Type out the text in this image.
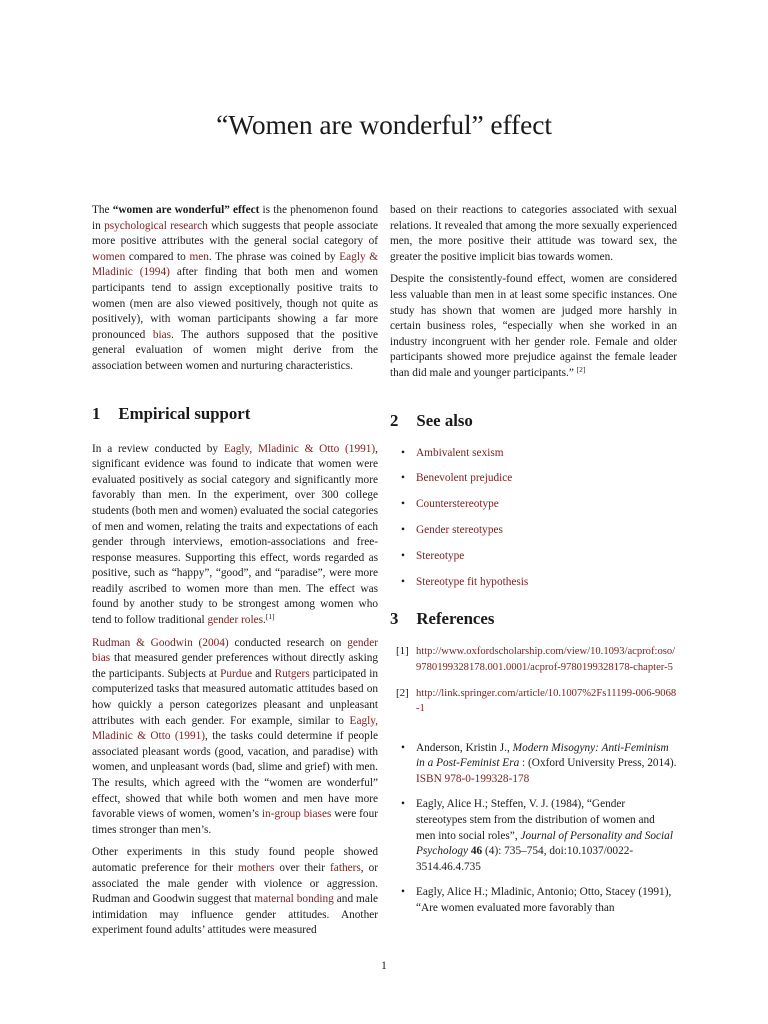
“Women are wonderful” effect

The “women are wonderful” effect is the phenomenon found in psychological research which suggests that people associate more positive attributes with the general social category of women compared to men. The phrase was coined by Eagly & Mladinic (1994) after finding that both men and women participants tend to assign exceptionally positive traits to women (men are also viewed positively, though not quite as positively), with woman participants showing a far more pronounced bias. The authors supposed that the positive general evaluation of women might derive from the association between women and nurturing characteristics.

1 Empirical support

In a review conducted by Eagly, Mladinic & Otto (1991), significant evidence was found to indicate that women were evaluated positively as social category and significantly more favorably than men. In the experiment, over 300 college students (both men and women) evaluated the social categories of men and women, relating the traits and expectations of each gender through interviews, emotion-associations and free-response measures. Supporting this effect, words regarded as positive, such as “happy”, “good”, and “paradise”, were more readily ascribed to women more than men. The effect was found by another study to be strongest among women who tend to follow traditional gender roles.[1]

Rudman & Goodwin (2004) conducted research on gender bias that measured gender preferences without directly asking the participants. Subjects at Purdue and Rutgers participated in computerized tasks that measured automatic attitudes based on how quickly a person categorizes pleasant and unpleasant attributes with each gender. For example, similar to Eagly, Mladinic & Otto (1991), the tasks could determine if people associated pleasant words (good, vacation, and paradise) with women, and unpleasant words (bad, slime and grief) with men. The results, which agreed with the “women are wonderful” effect, showed that while both women and men have more favorable views of women, women’s in-group biases were four times stronger than men’s.

Other experiments in this study found people showed automatic preference for their mothers over their fathers, or associated the male gender with violence or aggression. Rudman and Goodwin suggest that maternal bonding and male intimidation may influence gender attitudes. Another experiment found adults’ attitudes were measured

based on their reactions to categories associated with sexual relations. It revealed that among the more sexually experienced men, the more positive their attitude was toward sex, the greater the positive implicit bias towards women.

Despite the consistently-found effect, women are considered less valuable than men in at least some specific instances. One study has shown that women are judged more harshly in certain business roles, “especially when she worked in an industry incongruent with her gender role. Female and older participants showed more prejudice against the female leader than did male and younger participants.” [2]

2 See also
• Ambivalent sexism
• Benevolent prejudice
• Counterstereotype
• Gender stereotypes
• Stereotype
• Stereotype fit hypothesis
3 References
[1] http://www.oxfordscholarship.com/view/10.1093/acprof:oso/9780199328178.001.0001/acprof-9780199328178-chapter-5
[2] http://link.springer.com/article/10.1007%2Fs11199-006-9068-1
• Anderson, Kristin J., Modern Misogyny: Anti-Feminism in a Post-Feminist Era : (Oxford University Press, 2014). ISBN 978-0-199328-178
• Eagly, Alice H.; Steffen, V. J. (1984), “Gender stereotypes stem from the distribution of women and men into social roles”, Journal of Personality and Social Psychology 46 (4): 735–754, doi:10.1037/0022-3514.46.4.735
• Eagly, Alice H.; Mladinic, Antonio; Otto, Stacey (1991), “Are women evaluated more favorably than
1
